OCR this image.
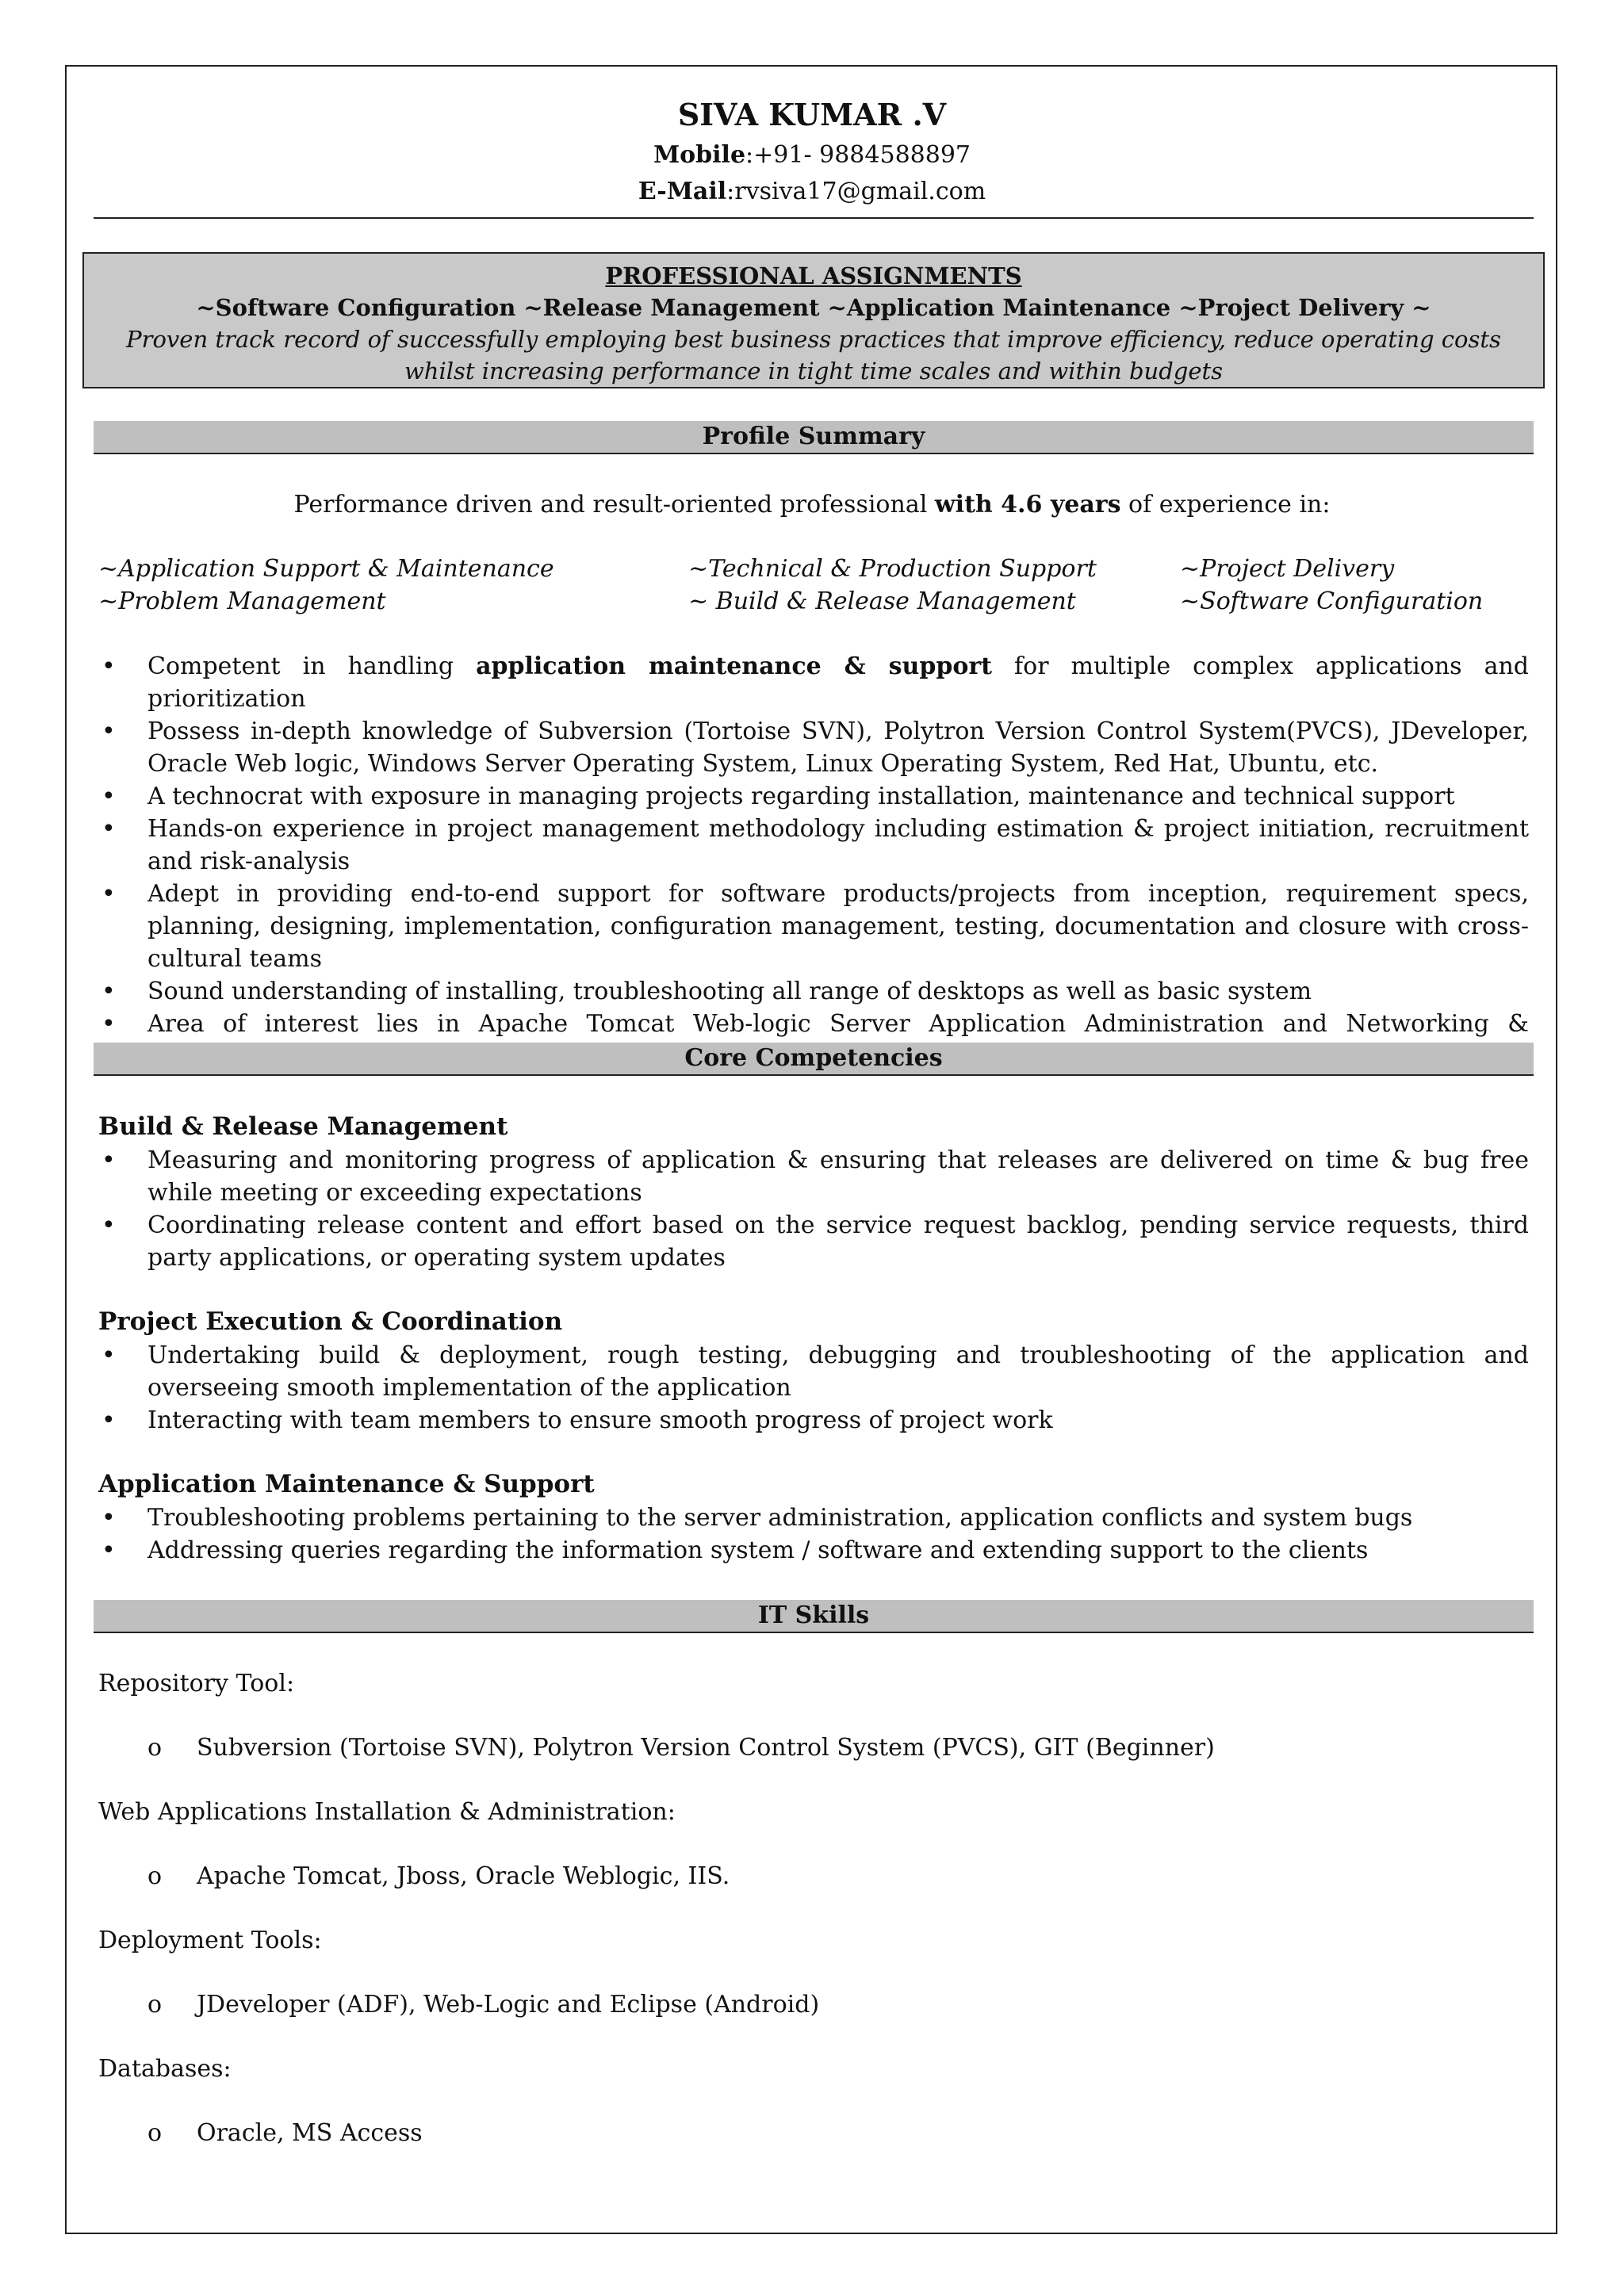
SIVA KUMAR .V
Mobile:+91- 9884588897
E-Mail:rvsiva17@gmail.com
PROFESSIONAL ASSIGNMENTS
~Software Configuration ~Release Management ~Application Maintenance ~Project Delivery ~
Proven track record of successfully employing best business practices that improve efficiency, reduce operating costs whilst increasing performance in tight time scales and within budgets
Profile Summary
Performance driven and result-oriented professional with 4.6 years of experience in:
~Application Support & Maintenance	~Technical & Production Support	~Project Delivery
~Problem Management	~ Build & Release Management	~Software Configuration
• Competent in handling application maintenance & support for multiple complex applications and prioritization
• Possess in-depth knowledge of Subversion (Tortoise SVN), Polytron Version Control System(PVCS), JDeveloper, Oracle Web logic, Windows Server Operating System, Linux Operating System, Red Hat, Ubuntu, etc.
• A technocrat with exposure in managing projects regarding installation, maintenance and technical support
• Hands-on experience in project management methodology including estimation & project initiation, recruitment and risk-analysis
• Adept in providing end-to-end support for software products/projects from inception, requirement specs, planning, designing, implementation, configuration management, testing, documentation and closure with cross-cultural teams
• Sound understanding of installing, troubleshooting all range of desktops as well as basic system
• Area of interest lies in Apache Tomcat Web-logic Server Application Administration and Networking &
Core Competencies
Build & Release Management
• Measuring and monitoring progress of application & ensuring that releases are delivered on time & bug free while meeting or exceeding expectations
• Coordinating release content and effort based on the service request backlog, pending service requests, third party applications, or operating system updates
Project Execution & Coordination
• Undertaking build & deployment, rough testing, debugging and troubleshooting of the application and overseeing smooth implementation of the application
• Interacting with team members to ensure smooth progress of project work
Application Maintenance & Support
• Troubleshooting problems pertaining to the server administration, application conflicts and system bugs
• Addressing queries regarding the information system / software and extending support to the clients
IT Skills
Repository Tool:
o Subversion (Tortoise SVN), Polytron Version Control System (PVCS), GIT (Beginner)
Web Applications Installation & Administration:
o Apache Tomcat, Jboss, Oracle Weblogic, IIS.
Deployment Tools:
o JDeveloper (ADF), Web-Logic and Eclipse (Android)
Databases:
o Oracle, MS Access
